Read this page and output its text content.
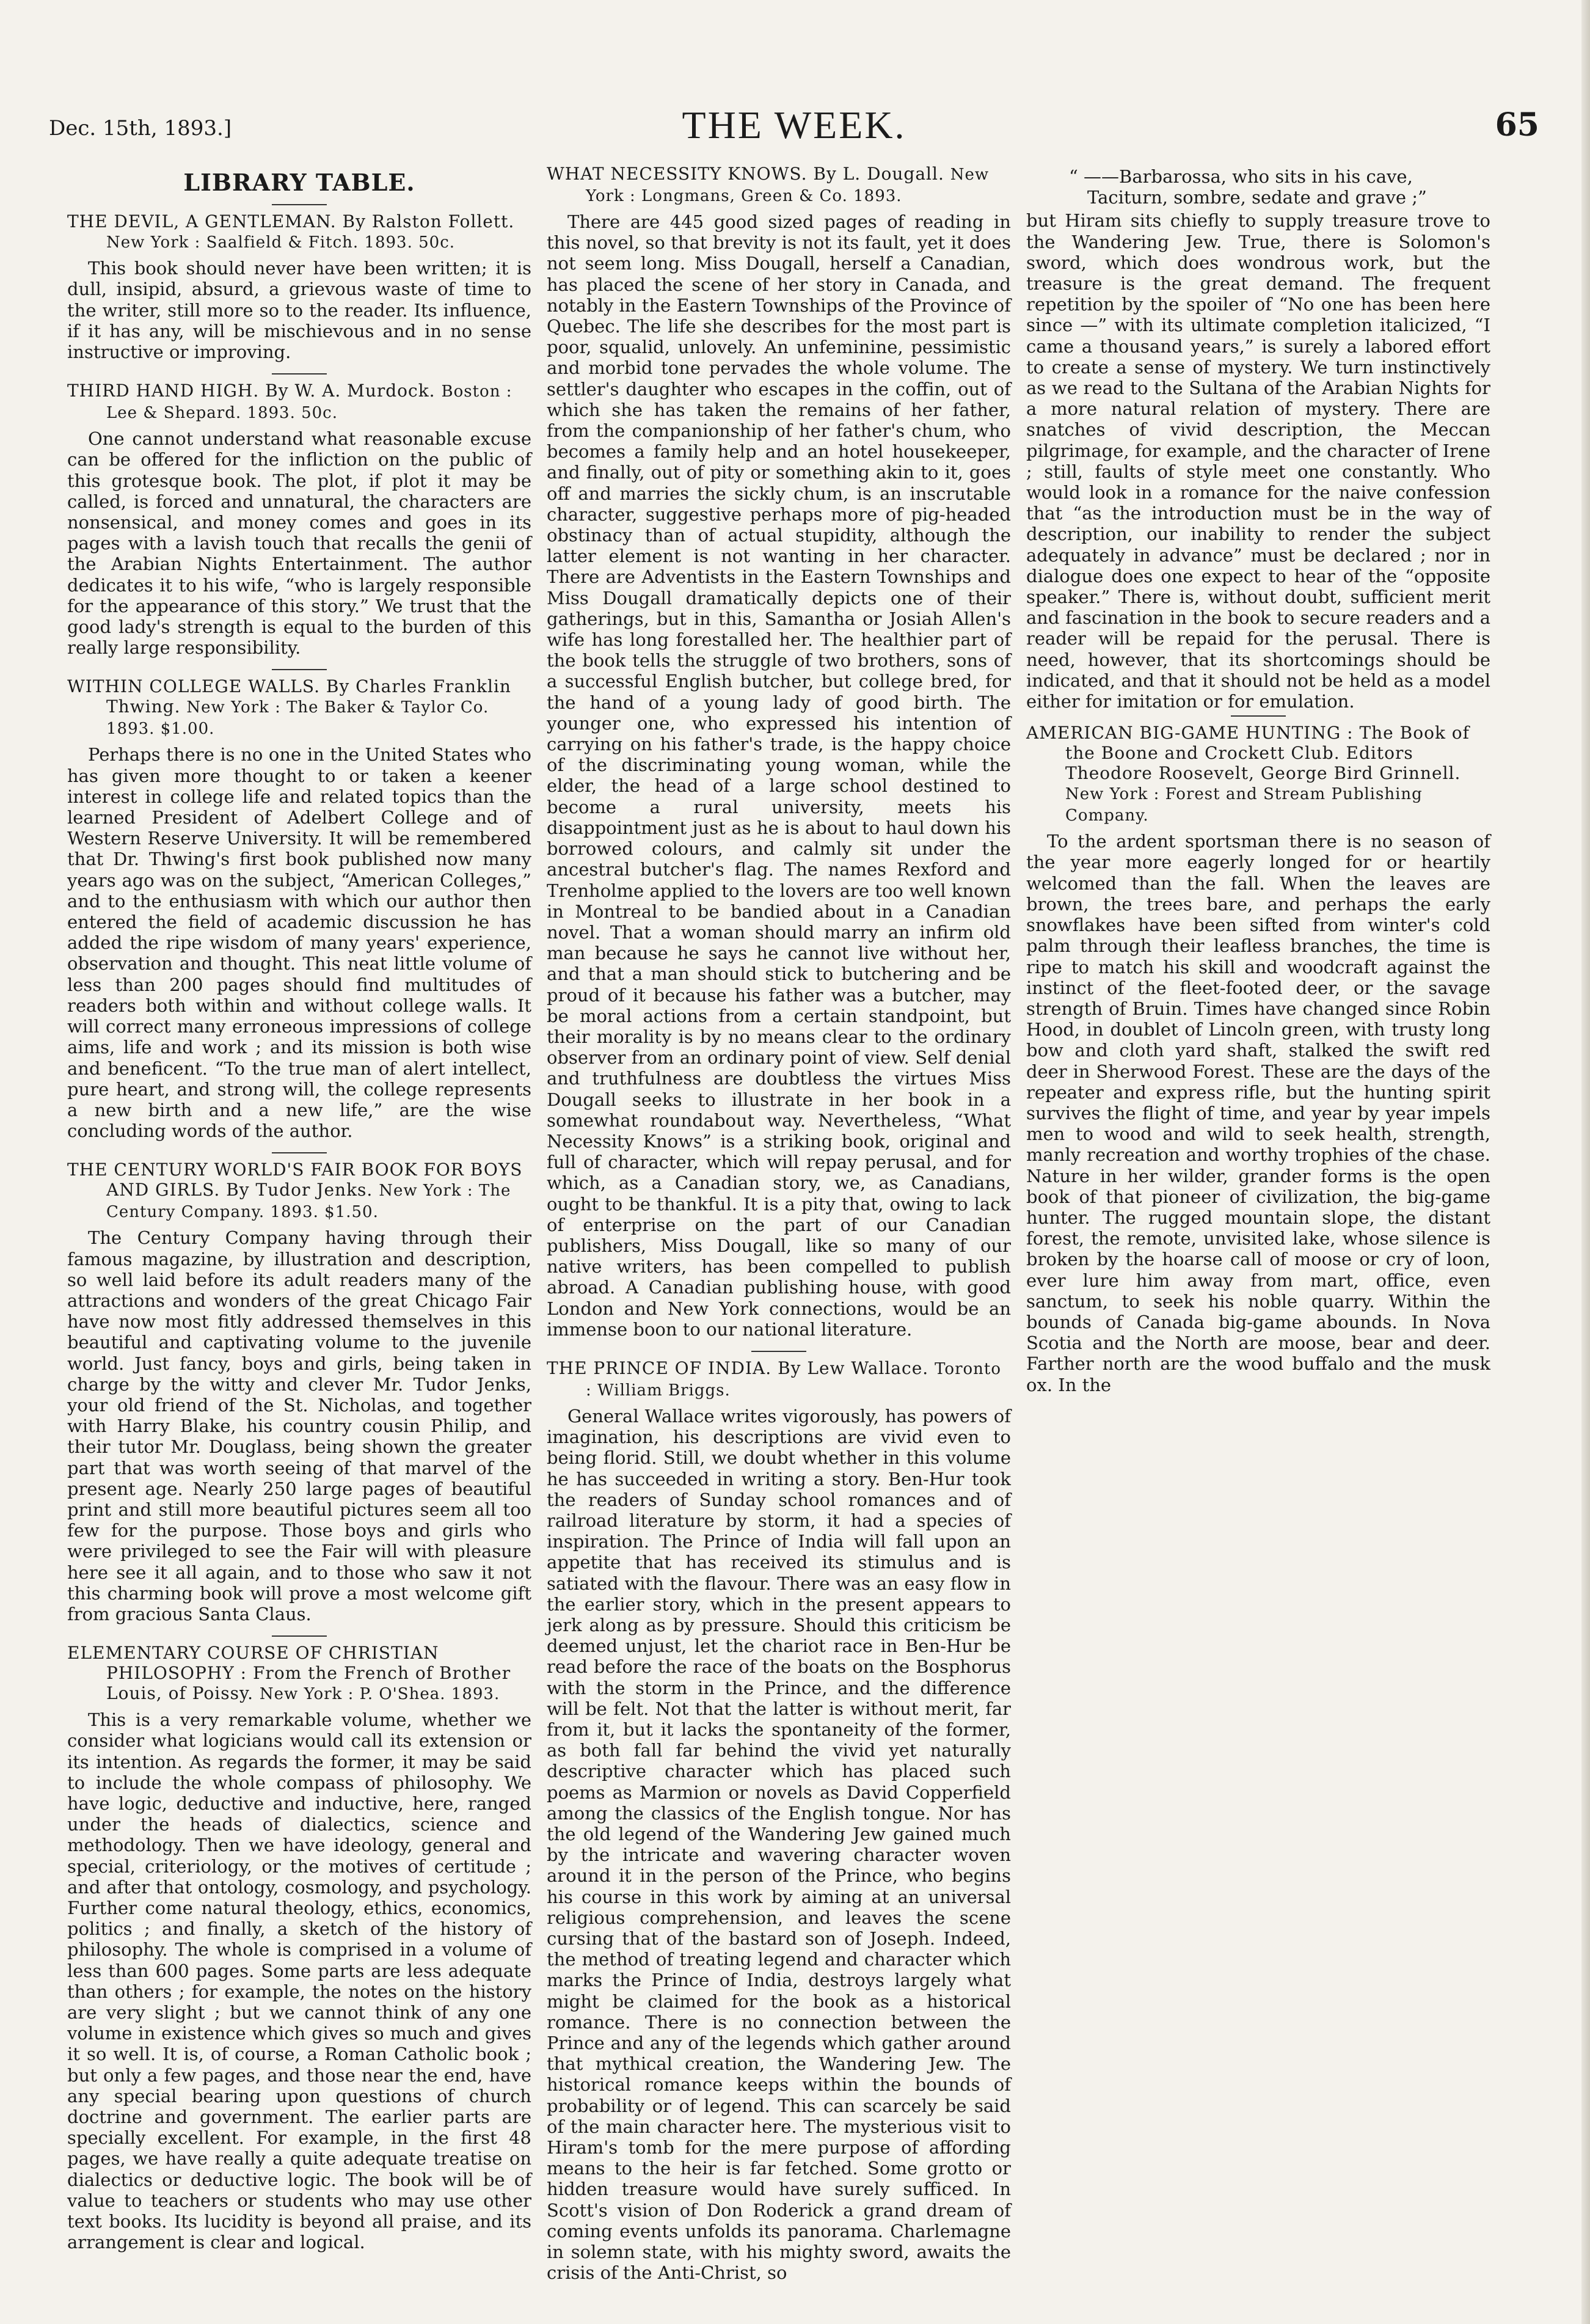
Dec. 15th, 1893.]	THE WEEK.	65
LIBRARY TABLE.
THE DEVIL, A GENTLEMAN. By Ralston Follett. New York : Saalfield & Fitch. 1893. 50c.

This book should never have been written; it is dull, insipid, absurd, a grievous waste of time to the writer, still more so to the reader. Its influence, if it has any, will be mischievous and in no sense instructive or improving.

THIRD HAND HIGH. By W. A. Murdock. Boston : Lee & Shepard. 1893. 50c.

One cannot understand what reasonable excuse can be offered for the infliction on the public of this grotesque book. The plot, if plot it may be called, is forced and unnatural, the characters are nonsensical, and money comes and goes in its pages with a lavish touch that recalls the genii of the Arabian Nights Entertainment. The author dedicates it to his wife, “who is largely responsible for the appearance of this story.” We trust that the good lady's strength is equal to the burden of this really large responsibility.

WITHIN COLLEGE WALLS. By Charles Franklin Thwing. New York : The Baker & Taylor Co. 1893. $1.00.

Perhaps there is no one in the United States who has given more thought to or taken a keener interest in college life and related topics than the learned President of Adelbert College and of Western Reserve University. It will be remembered that Dr. Thwing's first book published now many years ago was on the subject, “American Colleges,” and to the enthusiasm with which our author then entered the field of academic discussion he has added the ripe wisdom of many years' experience, observation and thought. This neat little volume of less than 200 pages should find multitudes of readers both within and without college walls. It will correct many erroneous impressions of college aims, life and work ; and its mission is both wise and beneficent. “To the true man of alert intellect, pure heart, and strong will, the college represents a new birth and a new life,” are the wise concluding words of the author.

THE CENTURY WORLD'S FAIR BOOK FOR BOYS AND GIRLS. By Tudor Jenks. New York : The Century Company. 1893. $1.50.

The Century Company having through their famous magazine, by illustration and description, so well laid before its adult readers many of the attractions and wonders of the great Chicago Fair have now most fitly addressed themselves in this beautiful and captivating volume to the juvenile world. Just fancy, boys and girls, being taken in charge by the witty and clever Mr. Tudor Jenks, your old friend of the St. Nicholas, and together with Harry Blake, his country cousin Philip, and their tutor Mr. Douglass, being shown the greater part that was worth seeing of that marvel of the present age. Nearly 250 large pages of beautiful print and still more beautiful pictures seem all too few for the purpose. Those boys and girls who were privileged to see the Fair will with pleasure here see it all again, and to those who saw it not this charming book will prove a most welcome gift from gracious Santa Claus.

ELEMENTARY COURSE OF CHRISTIAN PHILOSOPHY : From the French of Brother Louis, of Poissy. New York : P. O'Shea. 1893.

This is a very remarkable volume, whether we consider what logicians would call its extension or its intention. As regards the former, it may be said to include the whole compass of philosophy. We have logic, deductive and inductive, here, ranged under the heads of dialectics, science and methodology. Then we have ideology, general and special, criteriology, or the motives of certitude ; and after that ontology, cosmology, and psychology. Further come natural theology, ethics, economics, politics ; and finally, a sketch of the history of philosophy. The whole is comprised in a volume of less than 600 pages. Some parts are less adequate than others ; for example, the notes on the history are very slight ; but we cannot think of any one volume in existence which gives so much and gives it so well. It is, of course, a Roman Catholic book ; but only a few pages, and those near the end, have any special bearing upon questions of church doctrine and government. The earlier parts are specially excellent. For example, in the first 48 pages, we have really a quite adequate treatise on dialectics or deductive logic. The book will be of value to teachers or students who may use other text books. Its lucidity is beyond all praise, and its arrangement is clear and logical.

WHAT NECESSITY KNOWS. By L. Dougall. New York : Longmans, Green & Co. 1893.

There are 445 good sized pages of reading in this novel, so that brevity is not its fault, yet it does not seem long. Miss Dougall, herself a Canadian, has placed the scene of her story in Canada, and notably in the Eastern Townships of the Province of Quebec. The life she describes for the most part is poor, squalid, unlovely. An unfeminine, pessimistic and morbid tone pervades the whole volume. The settler's daughter who escapes in the coffin, out of which she has taken the remains of her father, from the companionship of her father's chum, who becomes a family help and an hotel housekeeper, and finally, out of pity or something akin to it, goes off and marries the sickly chum, is an inscrutable character, suggestive perhaps more of pig-headed obstinacy than of actual stupidity, although the latter element is not wanting in her character. There are Adventists in the Eastern Townships and Miss Dougall dramatically depicts one of their gatherings, but in this, Samantha or Josiah Allen's wife has long forestalled her. The healthier part of the book tells the struggle of two brothers, sons of a successful English butcher, but college bred, for the hand of a young lady of good birth. The younger one, who expressed his intention of carrying on his father's trade, is the happy choice of the discriminating young woman, while the elder, the head of a large school destined to become a rural university, meets his disappointment just as he is about to haul down his borrowed colours, and calmly sit under the ancestral butcher's flag. The names Rexford and Trenholme applied to the lovers are too well known in Montreal to be bandied about in a Canadian novel. That a woman should marry an infirm old man because he says he cannot live without her, and that a man should stick to butchering and be proud of it because his father was a butcher, may be moral actions from a certain standpoint, but their morality is by no means clear to the ordinary observer from an ordinary point of view. Self denial and truthfulness are doubtless the virtues Miss Dougall seeks to illustrate in her book in a somewhat roundabout way. Nevertheless, “What Necessity Knows” is a striking book, original and full of character, which will repay perusal, and for which, as a Canadian story, we, as Canadians, ought to be thankful. It is a pity that, owing to lack of enterprise on the part of our Canadian publishers, Miss Dougall, like so many of our native writers, has been compelled to publish abroad. A Canadian publishing house, with good London and New York connections, would be an immense boon to our national literature.

THE PRINCE OF INDIA. By Lew Wallace. Toronto : William Briggs.

General Wallace writes vigorously, has powers of imagination, his descriptions are vivid even to being florid. Still, we doubt whether in this volume he has succeeded in writing a story. Ben-Hur took the readers of Sunday school romances and of railroad literature by storm, it had a species of inspiration. The Prince of India will fall upon an appetite that has received its stimulus and is satiated with the flavour. There was an easy flow in the earlier story, which in the present appears to jerk along as by pressure. Should this criticism be deemed unjust, let the chariot race in Ben-Hur be read before the race of the boats on the Bosphorus with the storm in the Prince, and the difference will be felt. Not that the latter is without merit, far from it, but it lacks the spontaneity of the former, as both fall far behind the vivid yet naturally descriptive character which has placed such poems as Marmion or novels as David Copperfield among the classics of the English tongue. Nor has the old legend of the Wandering Jew gained much by the intricate and wavering character woven around it in the person of the Prince, who begins his course in this work by aiming at an universal religious comprehension, and leaves the scene cursing that of the bastard son of Joseph. Indeed, the method of treating legend and character which marks the Prince of India, destroys largely what might be claimed for the book as a historical romance. There is no connection between the Prince and any of the legends which gather around that mythical creation, the Wandering Jew. The historical romance keeps within the bounds of probability or of legend. This can scarcely be said of the main character here. The mysterious visit to Hiram's tomb for the mere purpose of affording means to the heir is far fetched. Some grotto or hidden treasure would have surely sufficed. In Scott's vision of Don Roderick a grand dream of coming events unfolds its panorama. Charlemagne in solemn state, with his mighty sword, awaits the crisis of the Anti-Christ, so

“ ——Barbarossa, who sits in his cave,
Taciturn, sombre, sedate and grave ;”

but Hiram sits chiefly to supply treasure trove to the Wandering Jew. True, there is Solomon's sword, which does wondrous work, but the treasure is the great demand. The frequent repetition by the spoiler of “No one has been here since —” with its ultimate completion italicized, “I came a thousand years,” is surely a labored effort to create a sense of mystery. We turn instinctively as we read to the Sultana of the Arabian Nights for a more natural relation of mystery. There are snatches of vivid description, the Meccan pilgrimage, for example, and the character of Irene ; still, faults of style meet one constantly. Who would look in a romance for the naive confession that “as the introduction must be in the way of description, our inability to render the subject adequately in advance” must be declared ; nor in dialogue does one expect to hear of the “opposite speaker.” There is, without doubt, sufficient merit and fascination in the book to secure readers and a reader will be repaid for the perusal. There is need, however, that its shortcomings should be indicated, and that it should not be held as a model either for imitation or for emulation.

AMERICAN BIG-GAME HUNTING : The Book of the Boone and Crockett Club. Editors Theodore Roosevelt, George Bird Grinnell. New York : Forest and Stream Publishing Company.

To the ardent sportsman there is no season of the year more eagerly longed for or heartily welcomed than the fall. When the leaves are brown, the trees bare, and perhaps the early snowflakes have been sifted from winter's cold palm through their leafless branches, the time is ripe to match his skill and woodcraft against the instinct of the fleet-footed deer, or the savage strength of Bruin. Times have changed since Robin Hood, in doublet of Lincoln green, with trusty long bow and cloth yard shaft, stalked the swift red deer in Sherwood Forest. These are the days of the repeater and express rifle, but the hunting spirit survives the flight of time, and year by year impels men to wood and wild to seek health, strength, manly recreation and worthy trophies of the chase. Nature in her wilder, grander forms is the open book of that pioneer of civilization, the big-game hunter. The rugged mountain slope, the distant forest, the remote, unvisited lake, whose silence is broken by the hoarse call of moose or cry of loon, ever lure him away from mart, office, even sanctum, to seek his noble quarry. Within the bounds of Canada big-game abounds. In Nova Scotia and the North are moose, bear and deer. Farther north are the wood buffalo and the musk ox. In the
